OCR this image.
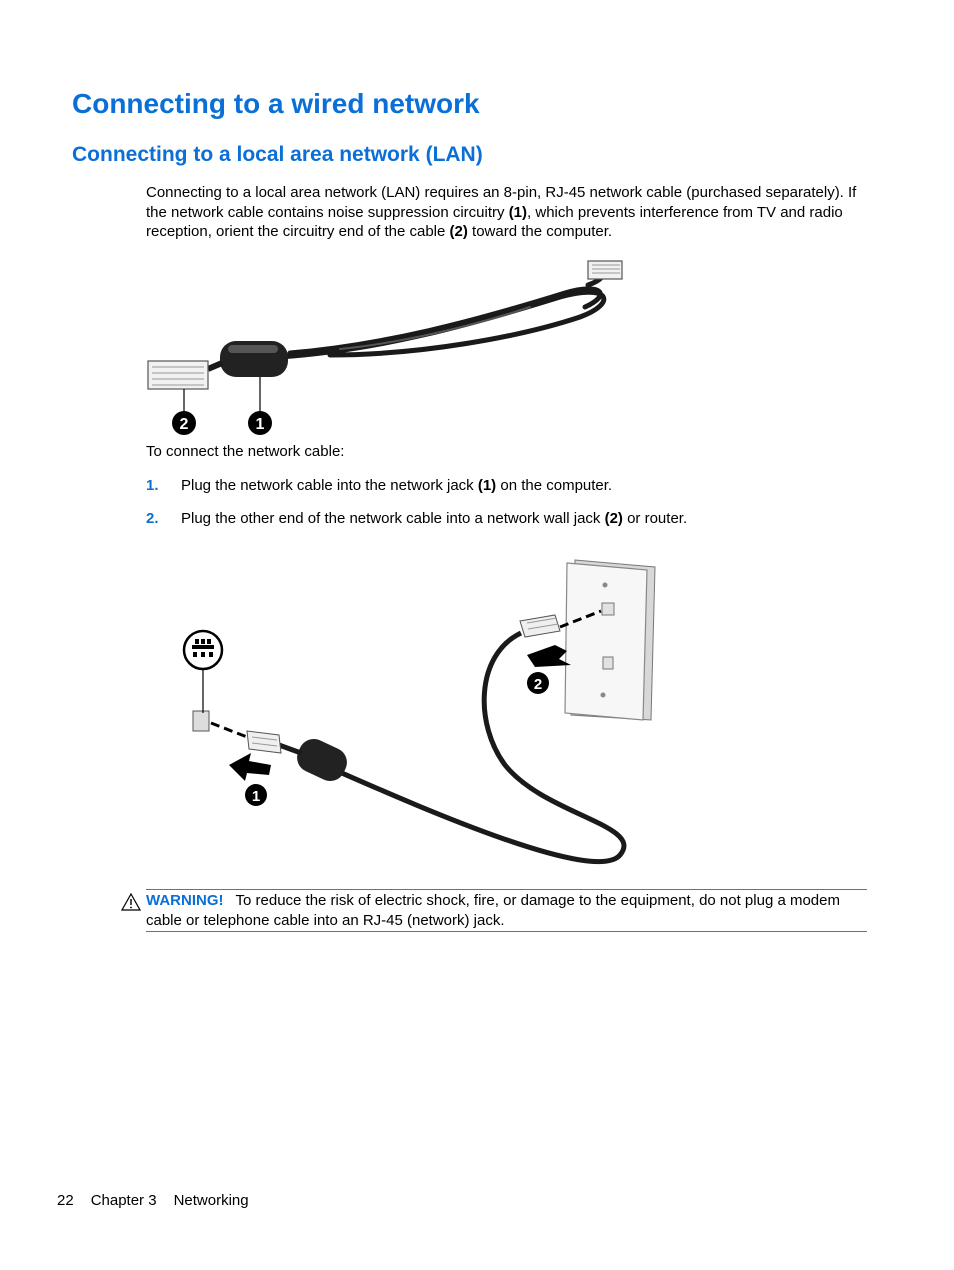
Connecting to a wired network
Connecting to a local area network (LAN)

Connecting to a local area network (LAN) requires an 8-pin, RJ-45 network cable (purchased separately). If the network cable contains noise suppression circuitry (1), which prevents interference from TV and radio reception, orient the circuitry end of the cable (2) toward the computer.

2	1

To connect the network cable:

1. Plug the network cable into the network jack (1) on the computer.
2. Plug the other end of the network cable into a network wall jack (2) or router.
2
1
WARNING! To reduce the risk of electric shock, fire, or damage to the equipment, do not plug a modem cable or telephone cable into an RJ-45 (network) jack.
22 Chapter 3 Networking
